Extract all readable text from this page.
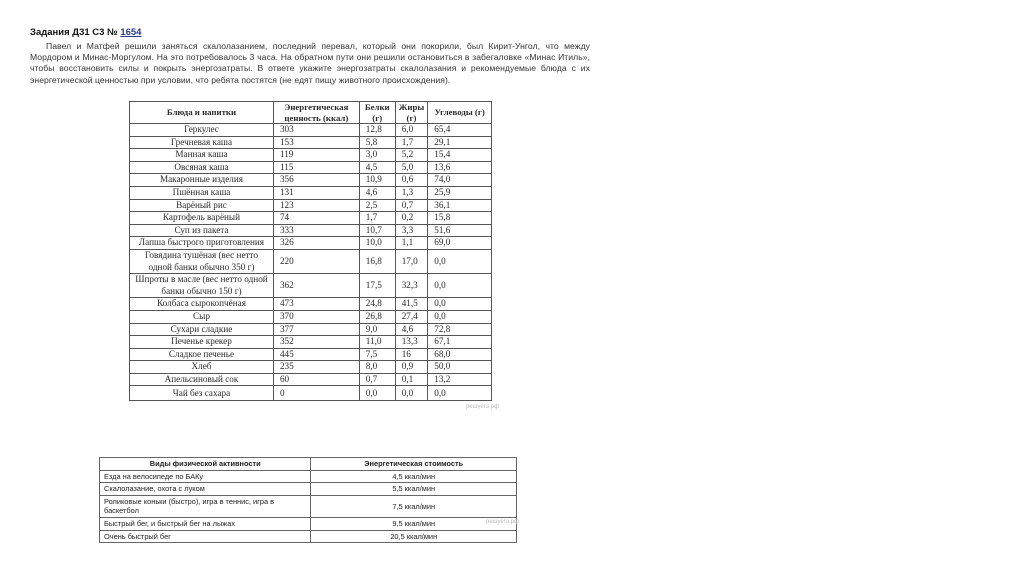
Задания Д31 C3 № 1654
Павел и Матфей решили заняться скалолазанием, последний перевал, который они покорили, был Кирит-Унгол, что между Мордором и Минас-Моргулом. На это потребовалось 3 часа. На обратном пути они решили остановиться в забегаловке «Минас Итиль», чтобы восстановить силы и покрыть энергозатраты. В ответе укажите энергозатраты скалолазания и рекомендуемые блюда с их энергетической ценностью при условии, что ребята постятся (не едят пищу животного происхождения).
Блюда и напитки	Энергетическая ценность (ккал)	Белки (г)	Жиры (г)	Углеводы (г)
Геркулес	303	12,8	6,0	65,4
Гречневая каша	153	5,8	1,7	29,1
Манная каша	119	3,0	5,2	15,4
Овсяная каша	115	4,5	5,0	13,6
Макаронные изделия	356	10,9	0,6	74,0
Пшённая каша	131	4,6	1,3	25,9
Варёный рис	123	2,5	0,7	36,1
Картофель варёный	74	1,7	0,2	15,8
Суп из пакета	333	10,7	3,3	51,6
Лапша быстрого приготовления	326	10,0	1,1	69,0
Говядина тушёная (вес нетто одной банки обычно 350 г)	220	16,8	17,0	0,0
Шпроты в масле (вес нетто одной банки обычно 150 г)	362	17,5	32,3	0,0
Колбаса сырокопчёная	473	24,8	41,5	0,0
Сыр	370	26,8	27,4	0,0
Сухари сладкие	377	9,0	4,6	72,8
Печенье крекер	352	11,0	13,3	67,1
Сладкое печенье	445	7,5	16	68,0
Хлеб	235	8,0	0,9	50,0
Апельсиновый сок	60	0,7	0,1	13,2
Чай без сахара	0	0,0	0,0	0,0
решуегэ.рф
Виды физической активности	Энергетическая стоимость
Езда на велосипеде по БАКу	4,5 ккал/мин
Скалолазание, охота с луком	5,5 ккал/мин
Роликовые коньки (быстро), игра в теннис, игра в баскетбол	7,5 ккал/мин
Быстрый бег, и быстрый бег на лыжах	9,5 ккал/мин
Очень быстрый бег	20,5 ккал/мин
решуегэ.рф
